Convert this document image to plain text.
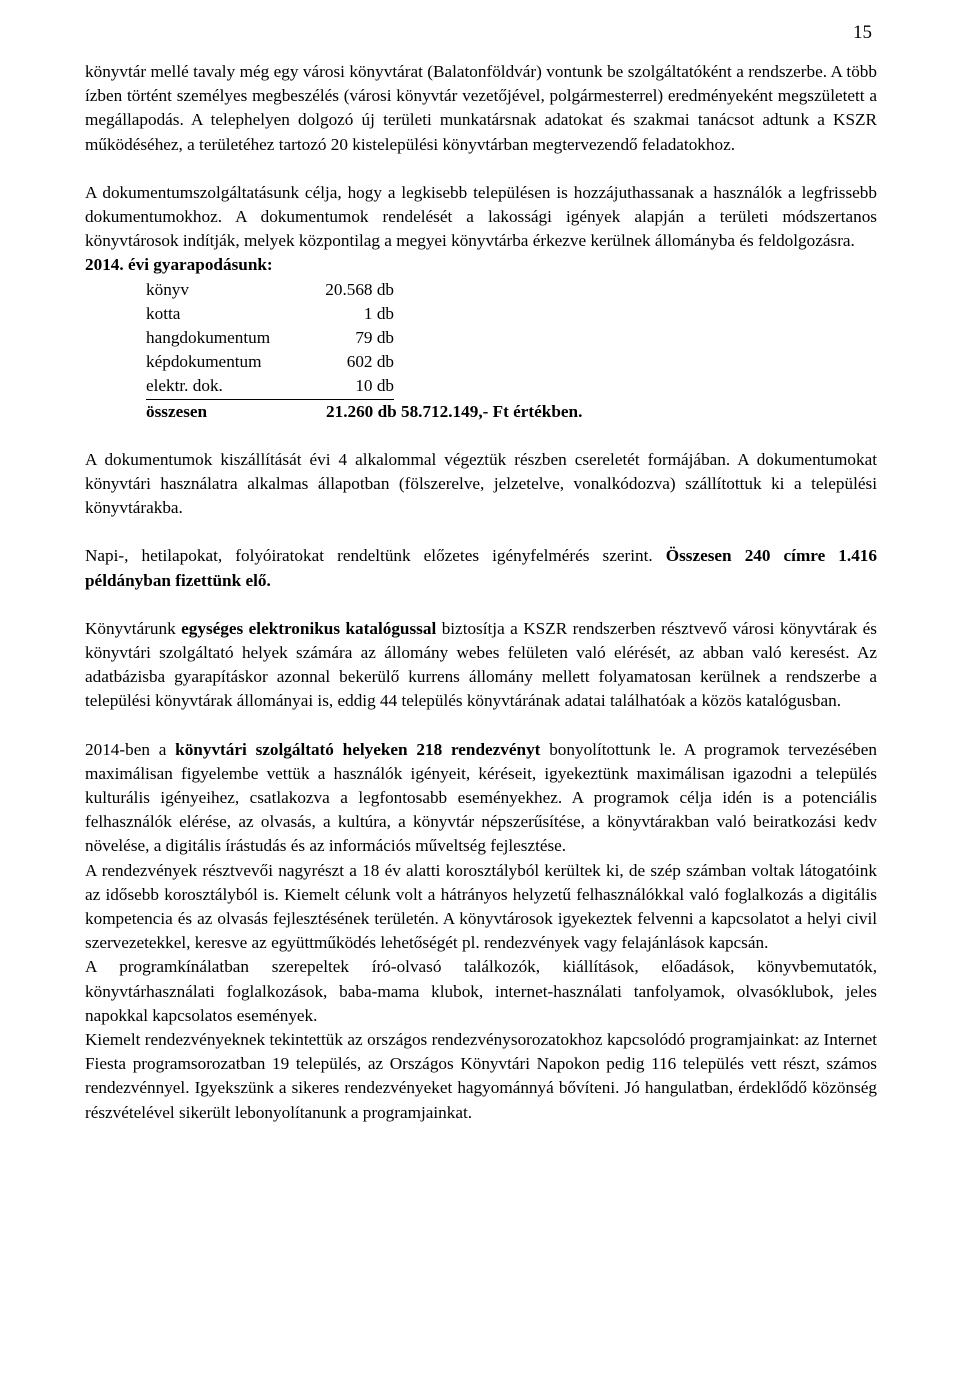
15

könyvtár mellé tavaly még egy városi könyvtárat (Balatonföldvár) vontunk be szolgáltatóként a rendszerbe. A több ízben történt személyes megbeszélés (városi könyvtár vezetőjével, polgármesterrel) eredményeként megszületett a megállapodás. A telephelyen dolgozó új területi munkatársnak adatokat és szakmai tanácsot adtunk a KSZR működéséhez, a területéhez tartozó 20 kistelepülési könyvtárban megtervezendő feladatokhoz.

A dokumentumszolgáltatásunk célja, hogy a legkisebb településen is hozzájuthassanak a használók a legfrissebb dokumentumokhoz. A dokumentumok rendelését a lakossági igények alapján a területi módszertanos könyvtárosok indítják, melyek központilag a megyei könyvtárba érkezve kerülnek állományba és feldolgozásra.

2014. évi gyarapodásunk:
könyv	20.568 db
kotta	1 db
hangdokumentum	79 db
képdokumentum	602 db
elektr. dok.	10 db
összesen	21.260 db 58.712.149,- Ft értékben.

A dokumentumok kiszállítását évi 4 alkalommal végeztük részben csereletét formájában. A dokumentumokat könyvtári használatra alkalmas állapotban (fölszerelve, jelzetelve, vonalkódozva) szállítottuk ki a települési könyvtárakba.

Napi-, hetilapokat, folyóiratokat rendeltünk előzetes igényfelmérés szerint. Összesen 240 címre 1.416 példányban fizettünk elő.

Könyvtárunk egységes elektronikus katalógussal biztosítja a KSZR rendszerben résztvevő városi könyvtárak és könyvtári szolgáltató helyek számára az állomány webes felületen való elérését, az abban való keresést. Az adatbázisba gyarapításkor azonnal bekerülő kurrens állomány mellett folyamatosan kerülnek a rendszerbe a települési könyvtárak állományai is, eddig 44 település könyvtárának adatai találhatóak a közös katalógusban.

2014-ben a könyvtári szolgáltató helyeken 218 rendezvényt bonyolítottunk le. A programok tervezésében maximálisan figyelembe vettük a használók igényeit, kéréseit, igyekeztünk maximálisan igazodni a település kulturális igényeihez, csatlakozva a legfontosabb eseményekhez. A programok célja idén is a potenciális felhasználók elérése, az olvasás, a kultúra, a könyvtár népszerűsítése, a könyvtárakban való beiratkozási kedv növelése, a digitális írástudás és az információs műveltség fejlesztése.

A rendezvények résztvevői nagyrészt a 18 év alatti korosztályból kerültek ki, de szép számban voltak látogatóink az idősebb korosztályból is. Kiemelt célunk volt a hátrányos helyzetű felhasználókkal való foglalkozás a digitális kompetencia és az olvasás fejlesztésének területén. A könyvtárosok igyekeztek felvenni a kapcsolatot a helyi civil szervezetekkel, keresve az együttműködés lehetőségét pl. rendezvények vagy felajánlások kapcsán.

A programkínálatban szerepeltek író-olvasó találkozók, kiállítások, előadások, könyvbemutatók, könyvtárhasználati foglalkozások, baba-mama klubok, internet-használati tanfolyamok, olvasóklubok, jeles napokkal kapcsolatos események.

Kiemelt rendezvényeknek tekintettük az országos rendezvénysorozatokhoz kapcsolódó programjainkat: az Internet Fiesta programsorozatban 19 település, az Országos Könyvtári Napokon pedig 116 település vett részt, számos rendezvénnyel. Igyekszünk a sikeres rendezvényeket hagyománnyá bővíteni. Jó hangulatban, érdeklődő közönség részvételével sikerült lebonyolítanunk a programjainkat.
